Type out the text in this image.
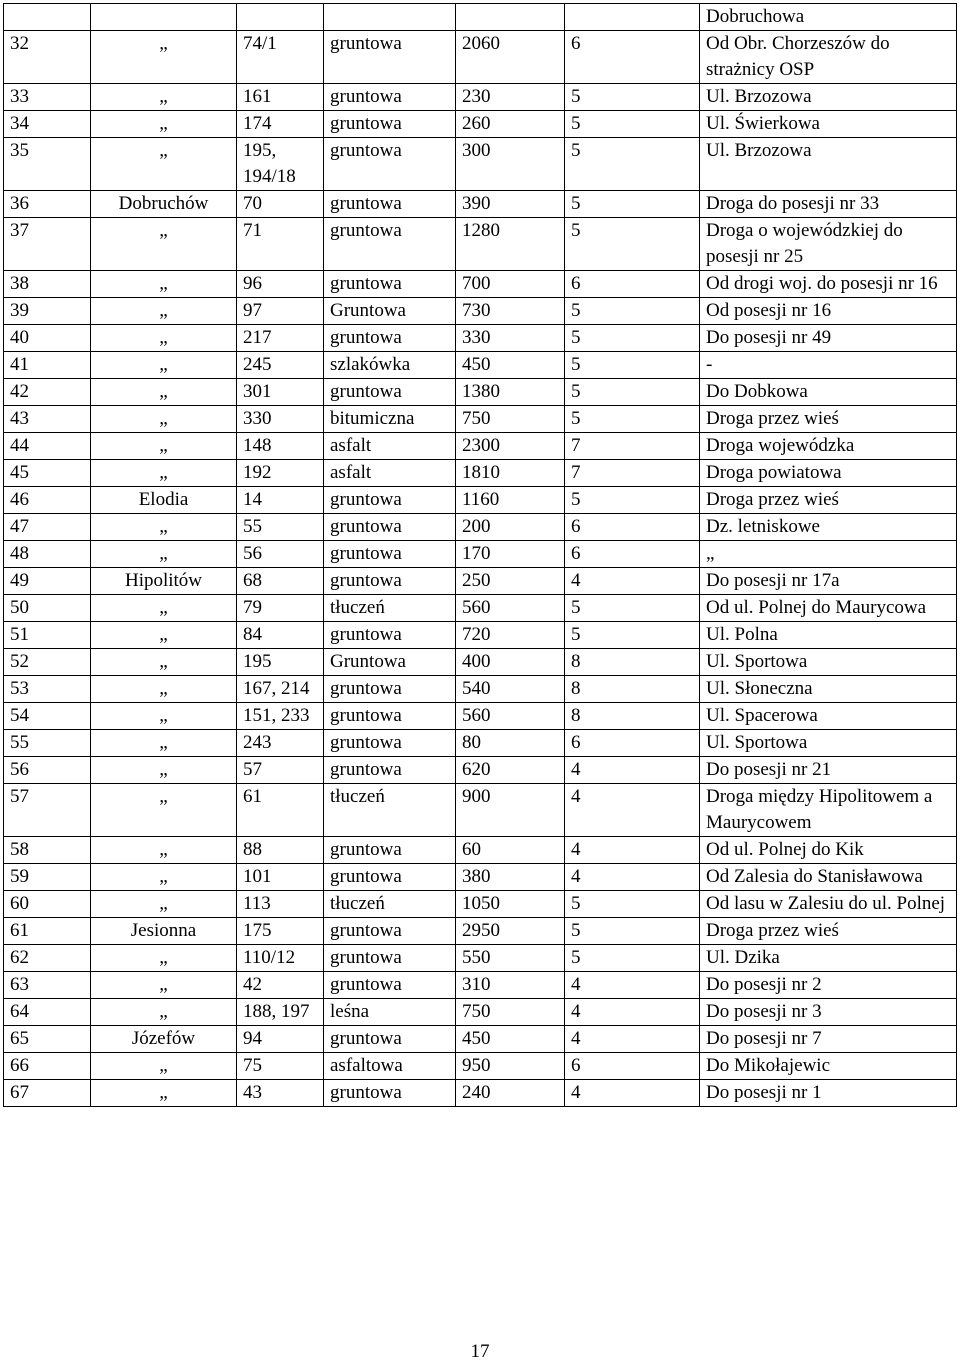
						Dobruchowa
32	„	74/1	gruntowa	2060	6	Od Obr. Chorzeszów do strażnicy OSP
33	„	161	gruntowa	230	5	Ul. Brzozowa
34	„	174	gruntowa	260	5	Ul. Świerkowa
35	„	195, 194/18	gruntowa	300	5	Ul. Brzozowa
36	Dobruchów	70	gruntowa	390	5	Droga do posesji nr 33
37	„	71	gruntowa	1280	5	Droga o wojewódzkiej do posesji nr 25
38	„	96	gruntowa	700	6	Od drogi woj. do posesji nr 16
39	„	97	Gruntowa	730	5	Od posesji nr 16
40	„	217	gruntowa	330	5	Do posesji nr 49
41	„	245	szlakówka	450	5	-
42	„	301	gruntowa	1380	5	Do Dobkowa
43	„	330	bitumiczna	750	5	Droga przez wieś
44	„	148	asfalt	2300	7	Droga wojewódzka
45	„	192	asfalt	1810	7	Droga powiatowa
46	Elodia	14	gruntowa	1160	5	Droga przez wieś
47	„	55	gruntowa	200	6	Dz. letniskowe
48	„	56	gruntowa	170	6	„
49	Hipolitów	68	gruntowa	250	4	Do posesji nr 17a
50	„	79	tłuczeń	560	5	Od ul. Polnej do Maurycowa
51	„	84	gruntowa	720	5	Ul. Polna
52	„	195	Gruntowa	400	8	Ul. Sportowa
53	„	167, 214	gruntowa	540	8	Ul. Słoneczna
54	„	151, 233	gruntowa	560	8	Ul. Spacerowa
55	„	243	gruntowa	80	6	Ul. Sportowa
56	„	57	gruntowa	620	4	Do posesji nr 21
57	„	61	tłuczeń	900	4	Droga między Hipolitowem a Maurycowem
58	„	88	gruntowa	60	4	Od ul. Polnej do Kik
59	„	101	gruntowa	380	4	Od Zalesia do Stanisławowa
60	„	113	tłuczeń	1050	5	Od lasu w Zalesiu do ul. Polnej
61	Jesionna	175	gruntowa	2950	5	Droga przez wieś
62	„	110/12	gruntowa	550	5	Ul. Dzika
63	„	42	gruntowa	310	4	Do posesji nr 2
64	„	188, 197	leśna	750	4	Do posesji nr 3
65	Józefów	94	gruntowa	450	4	Do posesji nr 7
66	„	75	asfaltowa	950	6	Do Mikołajewic
67	„	43	gruntowa	240	4	Do posesji nr 1
17
